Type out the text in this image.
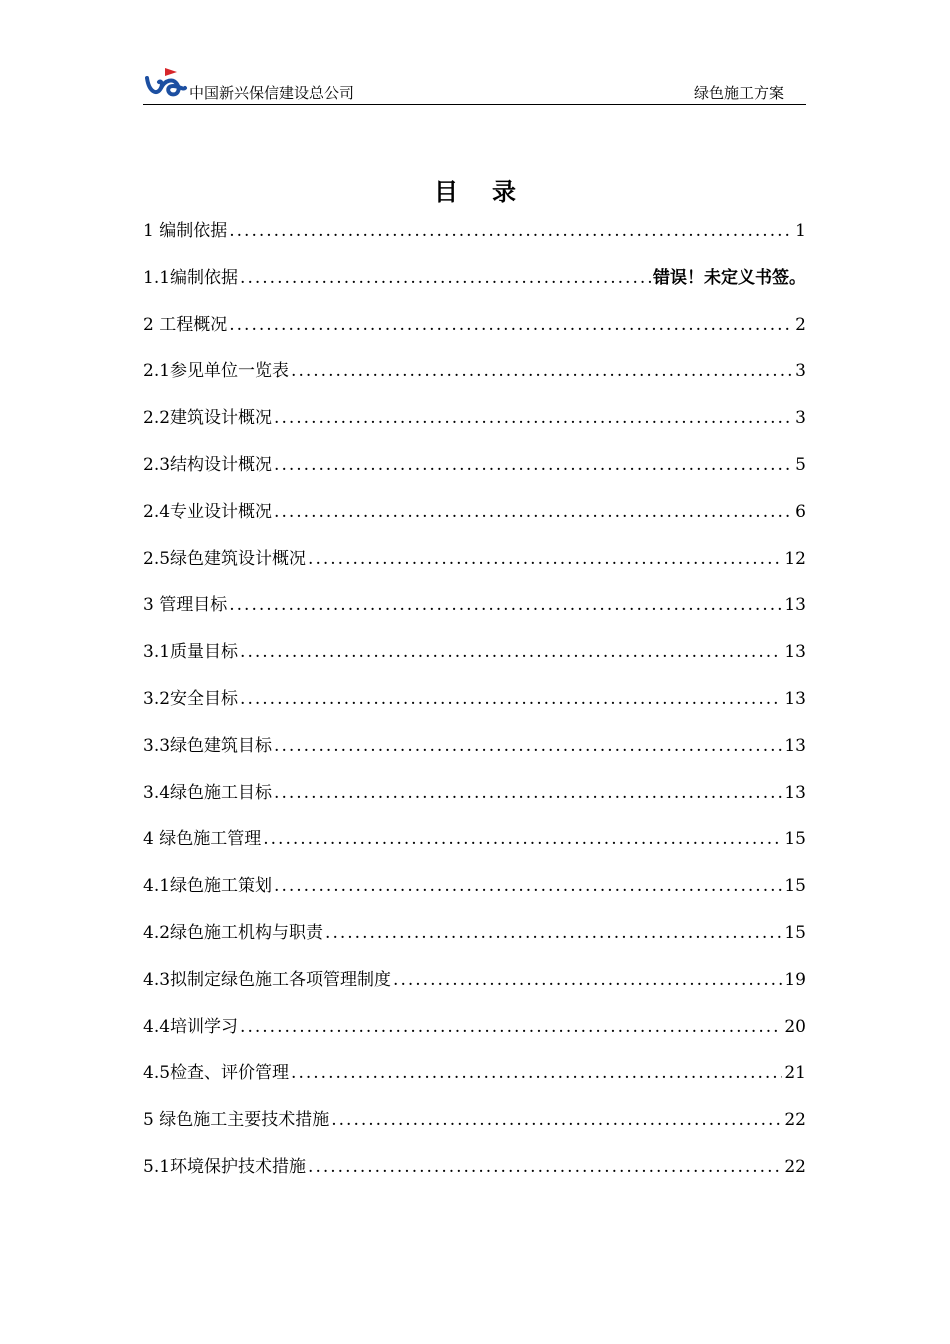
中国新兴保信建设总公司	绿色施工方案
目录
1 编制依据 .....	1
1.1编制依据 .....	错误！未定义书签。
2 工程概况 .....	2
2.1参见单位一览表 .....	3
2.2建筑设计概况 .....	3
2.3结构设计概况 .....	5
2.4专业设计概况 .....	6
2.5绿色建筑设计概况 .....	12
3 管理目标 .....	13
3.1质量目标 .....	13
3.2安全目标 .....	13
3.3绿色建筑目标 .....	13
3.4绿色施工目标 .....	13
4 绿色施工管理 .....	15
4.1绿色施工策划 .....	15
4.2绿色施工机构与职责 .....	15
4.3拟制定绿色施工各项管理制度 .....	19
4.4培训学习 .....	20
4.5检查、评价管理 .....	21
5 绿色施工主要技术措施 .....	22
5.1环境保护技术措施 .....	22
